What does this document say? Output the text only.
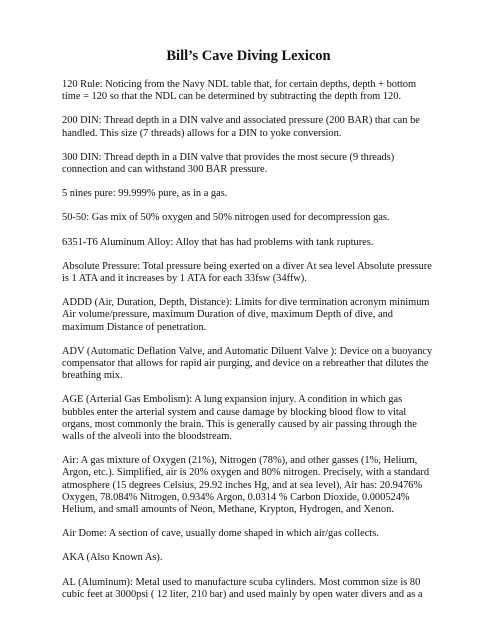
Bill’s Cave Diving Lexicon

120 Rule: Noticing from the Navy NDL table that, for certain depths, depth + bottom time = 120 so that the NDL can be determined by subtracting the depth from 120.

200 DIN: Thread depth in a DIN valve and associated pressure (200 BAR) that can be handled. This size (7 threads) allows for a DIN to yoke conversion.

300 DIN: Thread depth in a DIN valve that provides the most secure (9 threads) connection and can withstand 300 BAR pressure.

5 nines pure: 99.999% pure, as in a gas.

50-50: Gas mix of 50% oxygen and 50% nitrogen used for decompression gas.

6351-T6 Aluminum Alloy: Alloy that has had problems with tank ruptures.

Absolute Pressure: Total pressure being exerted on a diver At sea level Absolute pressure is 1 ATA and it increases by 1 ATA for each 33fsw (34ffw).

ADDD (Air, Duration, Depth, Distance): Limits for dive termination acronym minimum Air volume/pressure, maximum Duration of dive, maximum Depth of dive, and maximum Distance of penetration.

ADV (Automatic Deflation Valve, and Automatic Diluent Valve ): Device on a buoyancy compensator that allows for rapid air purging, and device on a rebreather that dilutes the breathing mix.

AGE (Arterial Gas Embolism): A lung expansion injury. A condition in which gas bubbles enter the arterial system and cause damage by blocking blood flow to vital organs, most commonly the brain. This is generally caused by air passing through the walls of the alveoli into the bloodstream.

Air: A gas mixture of Oxygen (21%), Nitrogen (78%), and other gasses (1%, Helium, Argon, etc.). Simplified, air is 20% oxygen and 80% nitrogen. Precisely, with a standard atmosphere (15 degrees Celsius, 29.92 inches Hg, and at sea level), Air has: 20.9476% Oxygen, 78.084% Nitrogen, 0.934% Argon, 0.0314 % Carbon Dioxide, 0.000524% Helium, and small amounts of Neon, Methane, Krypton, Hydrogen, and Xenon.

Air Dome: A section of cave, usually dome shaped in which air/gas collects.

AKA (Also Known As).

AL (Aluminum): Metal used to manufacture scuba cylinders. Most common size is 80 cubic feet at 3000psi ( 12 liter, 210 bar) and used mainly by open water divers and as a
